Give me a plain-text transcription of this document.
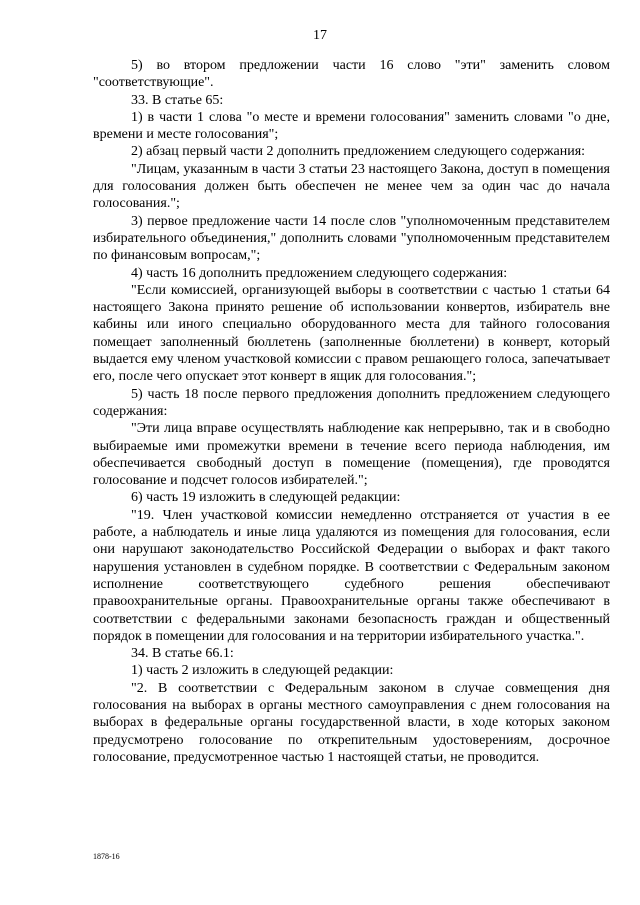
17

5) во втором предложении части 16 слово "эти" заменить словом "соответствующие".

33. В статье 65:

1) в части 1 слова "о месте и времени голосования" заменить словами "о дне, времени и месте голосования";

2) абзац первый части 2 дополнить предложением следующего содержания:

"Лицам, указанным в части 3 статьи 23 настоящего Закона, доступ в помещения для голосования должен быть обеспечен не менее чем за один час до начала голосования.";

3) первое предложение части 14 после слов "уполномоченным представителем избирательного объединения," дополнить словами "уполномоченным представителем по финансовым вопросам,";

4) часть 16 дополнить предложением следующего содержания:

"Если комиссией, организующей выборы в соответствии с частью 1 статьи 64 настоящего Закона принято решение об использовании конвертов, избиратель вне кабины или иного специально оборудованного места для тайного голосования помещает заполненный бюллетень (заполненные бюллетени) в конверт, который выдается ему членом участковой комиссии с правом решающего голоса, запечатывает его, после чего опускает этот конверт в ящик для голосования.";

5) часть 18 после первого предложения дополнить предложением следующего содержания:

"Эти лица вправе осуществлять наблюдение как непрерывно, так и в свободно выбираемые ими промежутки времени в течение всего периода наблюдения, им обеспечивается свободный доступ в помещение (помещения), где проводятся голосование и подсчет голосов избирателей.";

6) часть 19 изложить в следующей редакции:

"19. Член участковой комиссии немедленно отстраняется от участия в ее работе, а наблюдатель и иные лица удаляются из помещения для голосования, если они нарушают законодательство Российской Федерации о выборах и факт такого нарушения установлен в судебном порядке. В соответствии с Федеральным законом исполнение соответствующего судебного решения обеспечивают правоохранительные органы. Правоохранительные органы также обеспечивают в соответствии с федеральными законами безопасность граждан и общественный порядок в помещении для голосования и на территории избирательного участка.".

34. В статье 66.1:

1) часть 2 изложить в следующей редакции:

"2. В соответствии с Федеральным законом в случае совмещения дня голосования на выборах в органы местного самоуправления с днем голосования на выборах в федеральные органы государственной власти, в ходе которых законом предусмотрено голосование по открепительным удостоверениям, досрочное голосование, предусмотренное частью 1 настоящей статьи, не проводится.

1878-16
